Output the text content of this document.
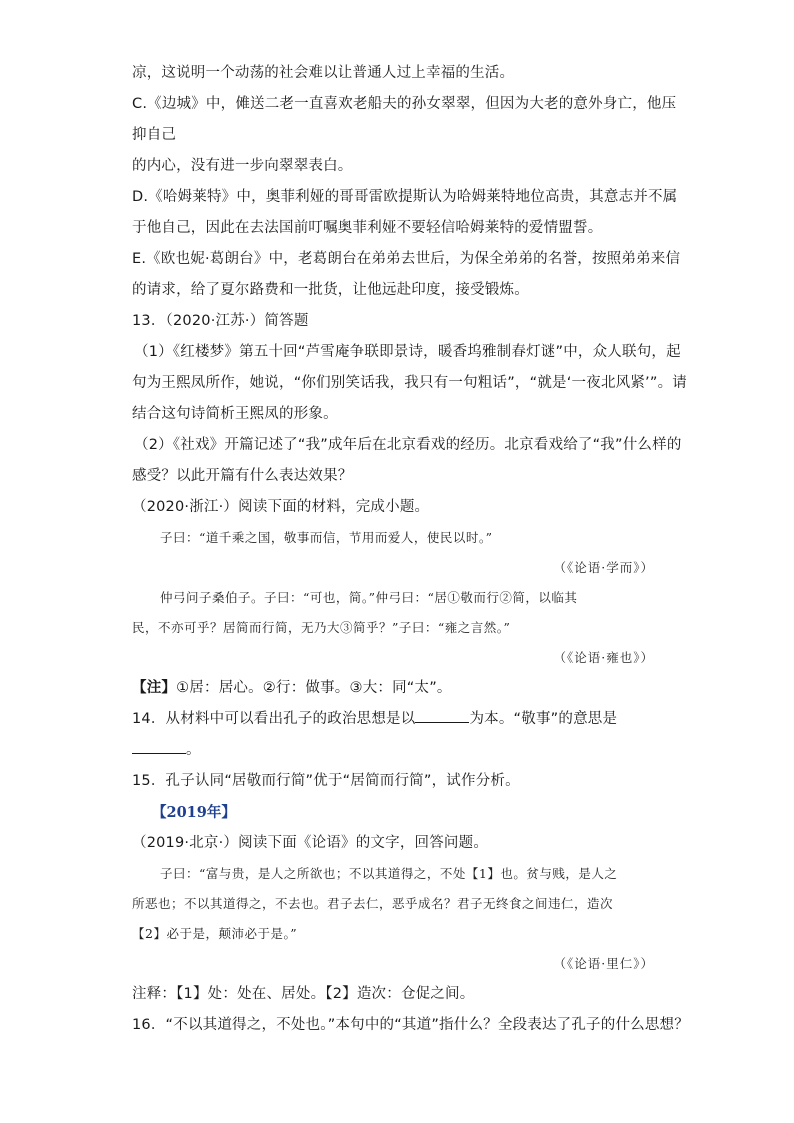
凉，这说明一个动荡的社会难以让普通人过上幸福的生活。
C.《边城》中，傩送二老一直喜欢老船夫的孙女翠翠，但因为大老的意外身亡，他压
抑自己
的内心，没有进一步向翠翠表白。
D.《哈姆莱特》中，奥菲利娅的哥哥雷欧提斯认为哈姆莱特地位高贵，其意志并不属
于他自己，因此在去法国前叮嘱奥菲利娅不要轻信哈姆莱特的爱情盟誓。
E.《欧也妮·葛朗台》中，老葛朗台在弟弟去世后，为保全弟弟的名誉，按照弟弟来信
的请求，给了夏尔路费和一批货，让他远赴印度，接受锻炼。
13．（2020·江苏·）简答题
（1）《红楼梦》第五十回“芦雪庵争联即景诗，暖香坞雅制春灯谜”中，众人联句，起
句为王熙凤所作，她说，“你们别笑话我，我只有一句粗话”，“就是‘一夜北风紧’”。请
结合这句诗简析王熙凤的形象。
（2）《社戏》开篇记述了“我”成年后在北京看戏的经历。北京看戏给了“我”什么样的
感受？以此开篇有什么表达效果？
（2020·浙江·）阅读下面的材料，完成小题。
子曰：“道千乘之国，敬事而信，节用而爱人，使民以时。”
（《论语·学而》）
仲弓问子桑伯子。子曰：“可也，简。”仲弓曰：“居①敬而行②简，以临其
民，不亦可乎？居简而行简，无乃大③简乎？”子曰：“雍之言然。”
（《论语·雍也》）
【注】①居：居心。②行：做事。③大：同“太”。
14．从材料中可以看出孔子的政治思想是以	为本。“敬事”的意思是
。
15．孔子认同“居敬而行简”优于“居简而行简”，试作分析。
【2019年】
（2019·北京·）阅读下面《论语》的文字，回答问题。
子曰：“富与贵，是人之所欲也；不以其道得之，不处【1】也。贫与贱，是人之
所恶也；不以其道得之，不去也。君子去仁，恶乎成名？君子无终食之间违仁，造次
【2】必于是，颠沛必于是。”
（《论语·里仁》）
注释：【1】处：处在、居处。【2】造次：仓促之间。
16．“不以其道得之，不处也。”本句中的“其道”指什么？全段表达了孔子的什么思想？
